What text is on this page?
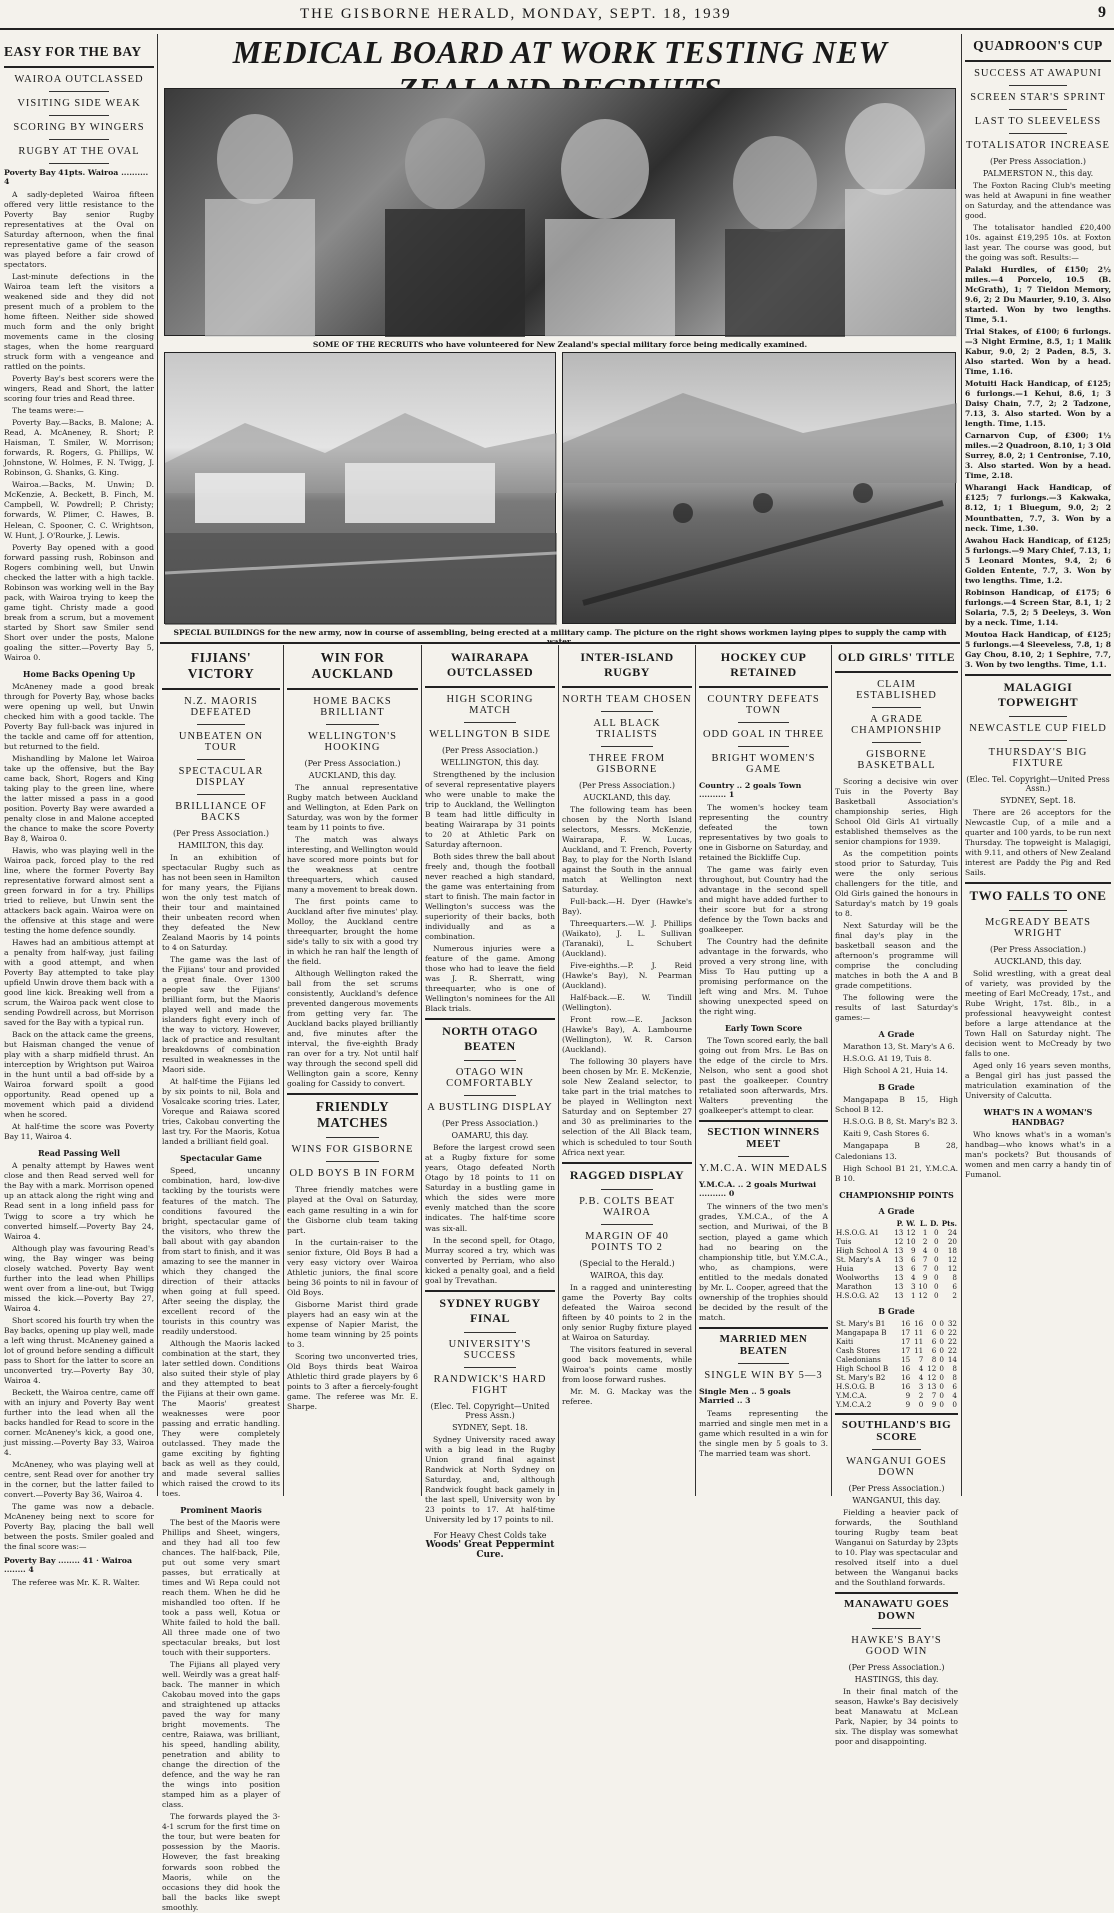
THE GISBORNE HERALD, MONDAY, SEPT. 18, 1939	9
EASY FOR THE BAY
WAIROA OUTCLASSED
VISITING SIDE WEAK
SCORING BY WINGERS
RUGBY AT THE OVAL
Poverty Bay 41pts. Wairoa .......... 4

A sadly-depleted Wairoa fifteen offered very little resistance to the Poverty Bay senior Rugby representatives at the Oval on Saturday afternoon, when the final representative game of the season was played before a fair crowd of spectators.

Last-minute defections in the Wairoa team left the visitors a weakened side and they did not present much of a problem to the home fifteen. Neither side showed much form and the only bright movements came in the closing stages, when the home rearguard struck form with a vengeance and rattled on the points.

Poverty Bay's best scorers were the wingers, Read and Short, the latter scoring four tries and Read three.

The teams were:—

Poverty Bay.—Backs, B. Malone; A. Read, A. McAneney, R. Short; P. Haisman, T. Smiler, W. Morrison; forwards, R. Rogers, G. Phillips, W. Johnstone, W. Holmes, F. N. Twigg, J. Robinson, G. Shanks, G. King.

Wairoa.—Backs, M. Unwin; D. McKenzie, A. Beckett, B. Finch, M. Campbell, W. Powdrell; P. Christy; forwards, W. Plimer, C. Hawes, B. Helean, C. Spooner, C. C. Wrightson, W. Hunt, J. O'Rourke, J. Lewis.

Poverty Bay opened with a good forward passing rush, Robinson and Rogers combining well, but Unwin checked the latter with a high tackle. Robinson was working well in the Bay pack, with Wairoa trying to keep the game tight. Christy made a good break from a scrum, but a movement started by Short saw Smiler send Short over under the posts, Malone goaling the sitter.—Poverty Bay 5, Wairoa 0.

Home Backs Opening Up

McAneney made a good break through for Poverty Bay, whose backs were opening up well, but Unwin checked him with a good tackle. The Poverty Bay full-back was injured in the tackle and came off for attention, but returned to the field.

Mishandling by Malone let Wairoa take up the offensive, but the Bay came back, Short, Rogers and King taking play to the green line, where the latter missed a pass in a good position. Poverty Bay were awarded a penalty close in and Malone accepted the chance to make the score Poverty Bay 8, Wairoa 0.

Hawis, who was playing well in the Wairoa pack, forced play to the red line, where the former Poverty Bay representative forward almost sent a green forward in for a try. Phillips tried to relieve, but Unwin sent the attackers back again. Wairoa were on the offensive at this stage and were testing the home defence soundly.

Hawes had an ambitious attempt at a penalty from half-way, just failing with a good attempt, and when Poverty Bay attempted to take play upfield Unwin drove them back with a good line kick. Breaking well from a scrum, the Wairoa pack went close to sending Powdrell across, but Morrison saved for the Bay with a typical run.

Back on the attack came the greens, but Haisman changed the venue of play with a sharp midfield thrust. An interception by Wrightson put Wairoa in the hunt until a bad off-side by a Wairoa forward spoilt a good opportunity. Read opened up a movement which paid a dividend when he scored.

At half-time the score was Poverty Bay 11, Wairoa 4.

Read Passing Well

A penalty attempt by Hawes went close and then Read served well for the Bay with a mark. Morrison opened up an attack along the right wing and Read sent in a long infield pass for Twigg to score a try which he converted himself.—Poverty Bay 24, Wairoa 4.

Although play was favouring Read's wing, the Bay winger was being closely watched. Poverty Bay went further into the lead when Phillips went over from a line-out, but Twigg missed the kick.—Poverty Bay 27, Wairoa 4.

Short scored his fourth try when the Bay backs, opening up play well, made a left wing thrust. McAneney gained a lot of ground before sending a difficult pass to Short for the latter to score an unconverted try.—Poverty Bay 30, Wairoa 4.

Beckett, the Wairoa centre, came off with an injury and Poverty Bay went further into the lead when all the backs handled for Read to score in the corner. McAneney's kick, a good one, just missing.—Poverty Bay 33, Wairoa 4.

McAneney, who was playing well at centre, sent Read over for another try in the corner, but the latter failed to convert.—Poverty Bay 36, Wairoa 4.

The game was now a debacle. McAneney being next to score for Poverty Bay, placing the ball well between the posts. Smiler goaled and the final score was:—

Poverty Bay ........ 41 · Wairoa ........ 4

The referee was Mr. K. R. Walter.

MEDICAL BOARD AT WORK TESTING NEW
SOME OF THE RECRUITS who have volunteered for New Zealand's special military force being medically examined.
SPECIAL BUILDINGS for the new army, now in course of assembling, being erected at a military camp. The picture on the right shows workmen laying pipes to supply the camp with water.
FIJIANS' VICTORY
N.Z. MAORIS DEFEATED
UNBEATEN ON TOUR
SPECTACULAR DISPLAY
BRILLIANCE OF BACKS
(Per Press Association.)
HAMILTON, this day.

In an exhibition of spectacular Rugby such as has not been seen in Hamilton for many years, the Fijians won the only test match of their tour and maintained their unbeaten record when they defeated the New Zealand Maoris by 14 points to 4 on Saturday.

The game was the last of the Fijians' tour and provided a great finale. Over 1300 people saw the Fijians' brilliant form, but the Maoris played well and made the islanders fight every inch of the way to victory. However, lack of practice and resultant breakdowns of combination resulted in weaknesses in the Maori side.

At half-time the Fijians led by six points to nil, Bola and Vosalcake scoring tries. Later, Voreque and Raiawa scored tries, Cakobau converting the last try. For the Maoris, Kotua landed a brilliant field goal.

Spectacular Game

Speed, uncanny combination, hard, low-dive tackling by the tourists were features of the match. The conditions favoured the bright, spectacular game of the visitors, who threw the ball about with gay abandon from start to finish, and it was amazing to see the manner in which they changed the direction of their attacks when going at full speed. After seeing the display, the excellent record of the tourists in this country was readily understood.

Although the Maoris lacked combination at the start, they later settled down. Conditions also suited their style of play and they attempted to beat the Fijians at their own game. The Maoris' greatest weaknesses were poor passing and erratic handling. They were completely outclassed. They made the game exciting by fighting back as well as they could, and made several sallies which raised the crowd to its toes.

Prominent Maoris

The best of the Maoris were Phillips and Sheet, wingers, and they had all too few chances. The half-back, Pile, put out some very smart passes, but erratically at times and Wi Repa could not reach them. When he did he mishandled too often. If he took a pass well, Kotua or White failed to hold the ball. All three made one of two spectacular breaks, but lost touch with their supporters.

The Fijians all played very well. Weirdly was a great half-back. The manner in which Cakobau moved into the gaps and straightened up attacks paved the way for many bright movements. The centre, Raiawa, was brilliant, his speed, handling ability, penetration and ability to change the direction of the defence, and the way he ran the wings into position stamped him as a player of class.

The forwards played the 3-4-1 scrum for the first time on the tour, but were beaten for possession by the Maoris. However, the fast breaking forwards soon robbed the Maoris, while on the occasions they did hook the ball the backs like swept smoothly.

WIN FOR AUCKLAND
HOME BACKS BRILLIANT
WELLINGTON'S HOOKING
(Per Press Association.)
AUCKLAND, this day.

The annual representative Rugby match between Auckland and Wellington, at Eden Park on Saturday, was won by the former team by 11 points to five.

The match was always interesting, and Wellington would have scored more points but for the weakness at centre threequarters, which caused many a movement to break down.

The first points came to Auckland after five minutes' play. Molloy, the Auckland centre threequarter, brought the home side's tally to six with a good try in which he ran half the length of the field.

Although Wellington raked the ball from the set scrums consistently, Auckland's defence prevented dangerous movements from getting very far. The Auckland backs played brilliantly and, five minutes after the interval, the five-eighth Brady ran over for a try. Not until half way through the second spell did Wellington gain a score, Kenny goaling for Cassidy to convert.

FRIENDLY MATCHES
WINS FOR GISBORNE
OLD BOYS B IN FORM

Three friendly matches were played at the Oval on Saturday, each game resulting in a win for the Gisborne club team taking part.

In the curtain-raiser to the senior fixture, Old Boys B had a very easy victory over Wairoa Athletic juniors, the final score being 36 points to nil in favour of Old Boys.

Gisborne Marist third grade players had an easy win at the expense of Napier Marist, the home team winning by 25 points to 3.

Scoring two unconverted tries, Old Boys thirds beat Wairoa Athletic third grade players by 6 points to 3 after a fiercely-fought game. The referee was Mr. E. Sharpe.

WAIRARAPA OUTCLASSED
HIGH SCORING MATCH
WELLINGTON B SIDE
(Per Press Association.)
WELLINGTON, this day.

Strengthened by the inclusion of several representative players who were unable to make the trip to Auckland, the Wellington B team had little difficulty in beating Wairarapa by 31 points to 20 at Athletic Park on Saturday afternoon.

Both sides threw the ball about freely and, though the football never reached a high standard, the game was entertaining from start to finish. The main factor in Wellington's success was the superiority of their backs, both individually and as a combination.

Numerous injuries were a feature of the game. Among those who had to leave the field was J. R. Sherratt, wing threequarter, who is one of Wellington's nominees for the All Black trials.

NORTH OTAGO BEATEN
OTAGO WIN COMFORTABLY
A BUSTLING DISPLAY
(Per Press Association.)
OAMARU, this day.

Before the largest crowd seen at a Rugby fixture for some years, Otago defeated North Otago by 18 points to 11 on Saturday in a bustling game in which the sides were more evenly matched than the score indicates. The half-time score was six-all.

In the second spell, for Otago, Murray scored a try, which was converted by Perriam, who also kicked a penalty goal, and a field goal by Trevathan.

SYDNEY RUGBY FINAL
UNIVERSITY'S SUCCESS
RANDWICK'S HARD FIGHT
(Elec. Tel. Copyright—United Press Assn.)
SYDNEY, Sept. 18.

Sydney University raced away with a big lead in the Rugby Union grand final against Randwick at North Sydney on Saturday, and, although Randwick fought back gamely in the last spell, University won by 23 points to 17. At half-time University led by 17 points to nil.

For Heavy Chest Colds take
Woods' Great Peppermint Cure.
INTER-ISLAND RUGBY
NORTH TEAM CHOSEN
ALL BLACK TRIALISTS
THREE FROM GISBORNE
(Per Press Association.)
AUCKLAND, this day.

The following team has been chosen by the North Island selectors, Messrs. McKenzie, Wairarapa, F. W. Lucas, Auckland, and T. French, Poverty Bay, to play for the North Island against the South in the annual match at Wellington next Saturday.

Full-back.—H. Dyer (Hawke's Bay).

Threequarters.—W. J. Phillips (Waikato), J. L. Sullivan (Taranaki), L. Schubert (Auckland).

Five-eighths.—P. J. Reid (Hawke's Bay), N. Pearman (Auckland).

Half-back.—E. W. Tindill (Wellington).

Front row.—E. Jackson (Hawke's Bay), A. Lambourne (Wellington), W. R. Carson (Auckland).

The following 30 players have been chosen by Mr. E. McKenzie, sole New Zealand selector, to take part in the trial matches to be played in Wellington next Saturday and on September 27 and 30 as preliminaries to the selection of the All Black team, which is scheduled to tour South Africa next year.

RAGGED DISPLAY
P.B. COLTS BEAT WAIROA
MARGIN OF 40 POINTS TO 2
(Special to the Herald.)
WAIROA, this day.

In a ragged and uninteresting game the Poverty Bay colts defeated the Wairoa second fifteen by 40 points to 2 in the only senior Rugby fixture played at Wairoa on Saturday.

The visitors featured in several good back movements, while Wairoa's points came mostly from loose forward rushes.

Mr. M. G. Mackay was the referee.

HOCKEY CUP RETAINED
COUNTRY DEFEATS TOWN
ODD GOAL IN THREE
BRIGHT WOMEN'S GAME
Country .. 2 goals Town .......... 1

The women's hockey team representing the country defeated the town representatives by two goals to one in Gisborne on Saturday, and retained the Bickliffe Cup.

The game was fairly even throughout, but Country had the advantage in the second spell and might have added further to their score but for a strong defence by the Town backs and goalkeeper.

The Country had the definite advantage in the forwards, who proved a very strong line, with Miss To Hau putting up a promising performance on the left wing and Mrs. M. Tuhoe showing unexpected speed on the right wing.

Early Town Score

The Town scored early, the ball going out from Mrs. Le Bas on the edge of the circle to Mrs. Nelson, who sent a good shot past the goalkeeper. Country retaliated soon afterwards, Mrs. Walters preventing the goalkeeper's attempt to clear.

SECTION WINNERS MEET
Y.M.C.A. WIN MEDALS
Y.M.C.A. .. 2 goals Muriwai .......... 0

The winners of the two men's grades, Y.M.C.A., of the A section, and Muriwai, of the B section, played a game which had no bearing on the championship title, but Y.M.C.A., who, as champions, were entitled to the medals donated by Mr. L. Cooper, agreed that the ownership of the trophies should be decided by the result of the match.

MARRIED MEN BEATEN
SINGLE WIN BY 5—3
Single Men .. 5 goals Married .. 3

Teams representing the married and single men met in a game which resulted in a win for the single men by 5 goals to 3. The married team was short.

OLD GIRLS' TITLE
CLAIM ESTABLISHED
A GRADE CHAMPIONSHIP
GISBORNE BASKETBALL

Scoring a decisive win over Tuis in the Poverty Bay Basketball Association's championship series, High School Old Girls A1 virtually established themselves as the senior champions for 1939.

As the competition points stood prior to Saturday, Tuis were the only serious challengers for the title, and Old Girls gained the honours in Saturday's match by 19 goals to 8.

Next Saturday will be the final day's play in the basketball season and the afternoon's programme will comprise the concluding matches in both the A and B grade competitions.

The following were the results of last Saturday's games:—

A Grade

Marathon 13, St. Mary's A 6.

H.S.O.G. A1 19, Tuis 8.

High School A 21, Huia 14.

B Grade

Mangapapa B 15, High School B 12.

H.S.O.G. B 8, St. Mary's B2 3.

Kaiti 9, Cash Stores 6.

Mangapapa B 28, Caledonians 13.

High School B1 21, Y.M.C.A. B 10.

CHAMPIONSHIP POINTS
A Grade
	P.	W.	L.	D.	Pts.
H.S.O.G. A1	13	12	1	0	24
Tuis	12	10	2	0	20
High School A	13	9	4	0	18
St. Mary's A	13	6	7	0	12
Huia	13	6	7	0	12
Woolworths	13	4	9	0	8
Marathon	13	3	10	0	6
H.S.O.G. A2	13	1	12	0	2
B Grade
St. Mary's B1	16	16	0	0	32
Mangapapa B	17	11	6	0	22
Kaiti	17	11	6	0	22
Cash Stores	17	11	6	0	22
Caledonians	15	7	8	0	14
High School B	16	4	12	0	8
St. Mary's B2	16	4	12	0	8
H.S.O.G. B	16	3	13	0	6
Y.M.C.A.	9	2	7	0	4
Y.M.C.A.2	9	0	9	0	0
SOUTHLAND'S BIG SCORE
WANGANUI GOES DOWN
(Per Press Association.)
WANGANUI, this day.

Fielding a heavier pack of forwards, the Southland touring Rugby team beat Wanganui on Saturday by 23pts to 10. Play was spectacular and resolved itself into a duel between the Wanganui backs and the Southland forwards.

MANAWATU GOES DOWN
HAWKE'S BAY'S GOOD WIN
(Per Press Association.)
HASTINGS, this day.

In their final match of the season, Hawke's Bay decisively beat Manawatu at McLean Park, Napier, by 34 points to six. The display was somewhat poor and disappointing.

QUADROON'S CUP
SUCCESS AT AWAPUNI
SCREEN STAR'S SPRINT
LAST TO SLEEVELESS
TOTALISATOR INCREASE
(Per Press Association.)
PALMERSTON N., this day.

The Foxton Racing Club's meeting was held at Awapuni in fine weather on Saturday, and the attendance was good.

The totalisator handled £20,400 10s. against £19,295 10s. at Foxton last year. The course was good, but the going was soft. Results:—

Palaki Hurdles, of £150; 2½ miles.—4 Porcelo, 10.5 (B. McGrath), 1; 7 Tieldon Memory, 9.6, 2; 2 Du Maurier, 9.10, 3. Also started. Won by two lengths. Time, 5.1.

Trial Stakes, of £100; 6 furlongs.—3 Night Ermine, 8.5, 1; 1 Malik Kabur, 9.0, 2; 2 Paden, 8.5, 3. Also started. Won by a head. Time, 1.16.

Motuiti Hack Handicap, of £125; 6 furlongs.—1 Kehui, 8.6, 1; 3 Daisy Chain, 7.7, 2; 2 Tadzone, 7.13, 3. Also started. Won by a length. Time, 1.15.

Carnarvon Cup, of £300; 1½ miles.—2 Quadroon, 8.10, 1; 3 Old Surrey, 8.0, 2; 1 Centronise, 7.10, 3. Also started. Won by a head. Time, 2.18.

Wharangi Hack Handicap, of £125; 7 furlongs.—3 Kakwaka, 8.12, 1; 1 Bluegum, 9.0, 2; 2 Mountbatten, 7.7, 3. Won by a neck. Time, 1.30.

Awahou Hack Handicap, of £125; 5 furlongs.—9 Mary Chief, 7.13, 1; 5 Leonard Montes, 9.4, 2; 6 Golden Entente, 7.7, 3. Won by two lengths. Time, 1.2.

Robinson Handicap, of £175; 6 furlongs.—4 Screen Star, 8.1, 1; 2 Solaria, 7.5, 2; 5 Deeleys, 3. Won by a neck. Time, 1.14.

Moutoa Hack Handicap, of £125; 5 furlongs.—4 Sleeveless, 7.8, 1; 8 Gay Chou, 8.10, 2; 1 Sephire, 7.7, 3. Won by two lengths. Time, 1.1.

MALAGIGI TOPWEIGHT
NEWCASTLE CUP FIELD
THURSDAY'S BIG FIXTURE
(Elec. Tel. Copyright—United Press Assn.)
SYDNEY, Sept. 18.

There are 26 acceptors for the Newcastle Cup, of a mile and a quarter and 100 yards, to be run next Thursday. The topweight is Malagigi, with 9.11, and others of New Zealand interest are Paddy the Pig and Red Sails.

TWO FALLS TO ONE
McGREADY BEATS WRIGHT
(Per Press Association.)
AUCKLAND, this day.

Solid wrestling, with a great deal of variety, was provided by the meeting of Earl McCready, 17st., and Rube Wright, 17st. 8lb., in a professional heavyweight contest before a large attendance at the Town Hall on Saturday night. The decision went to McCready by two falls to one.

Aged only 16 years seven months, a Bengal girl has just passed the matriculation examination of the University of Calcutta.

WHAT'S IN A WOMAN'S HANDBAG?

Who knows what's in a woman's handbag—who knows what's in a man's pockets? But thousands of women and men carry a handy tin of Fumanol.
